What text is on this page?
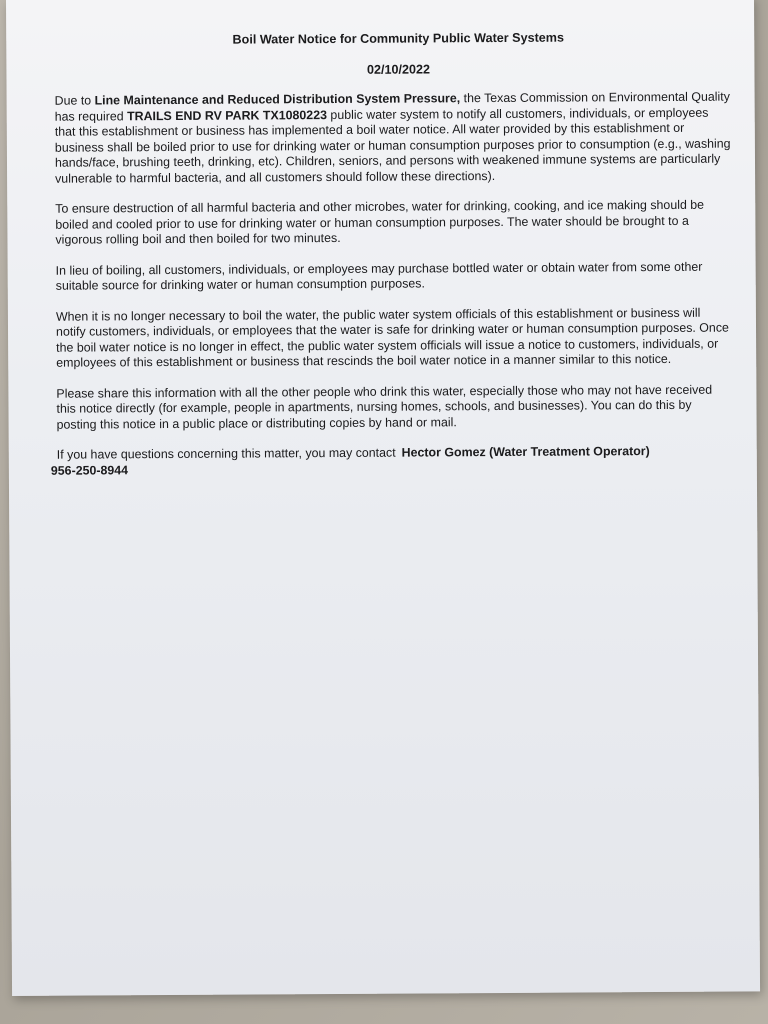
Boil Water Notice for Community Public Water Systems
02/10/2022

Due to Line Maintenance and Reduced Distribution System Pressure, the Texas Commission on Environmental Quality has required TRAILS END RV PARK TX1080223 public water system to notify all customers, individuals, or employees that this establishment or business has implemented a boil water notice. All water provided by this establishment or business shall be boiled prior to use for drinking water or human consumption purposes prior to consumption (e.g., washing hands/face, brushing teeth, drinking, etc). Children, seniors, and persons with weakened immune systems are particularly vulnerable to harmful bacteria, and all customers should follow these directions).

To ensure destruction of all harmful bacteria and other microbes, water for drinking, cooking, and ice making should be boiled and cooled prior to use for drinking water or human consumption purposes. The water should be brought to a vigorous rolling boil and then boiled for two minutes.

In lieu of boiling, all customers, individuals, or employees may purchase bottled water or obtain water from some other suitable source for drinking water or human consumption purposes.

When it is no longer necessary to boil the water, the public water system officials of this establishment or business will notify customers, individuals, or employees that the water is safe for drinking water or human consumption purposes. Once the boil water notice is no longer in effect, the public water system officials will issue a notice to customers, individuals, or employees of this establishment or business that rescinds the boil water notice in a manner similar to this notice.

Please share this information with all the other people who drink this water, especially those who may not have received this notice directly (for example, people in apartments, nursing homes, schools, and businesses). You can do this by posting this notice in a public place or distributing copies by hand or mail.

If you have questions concerning this matter, you may contact Hector Gomez (Water Treatment Operator)
956-250-8944
